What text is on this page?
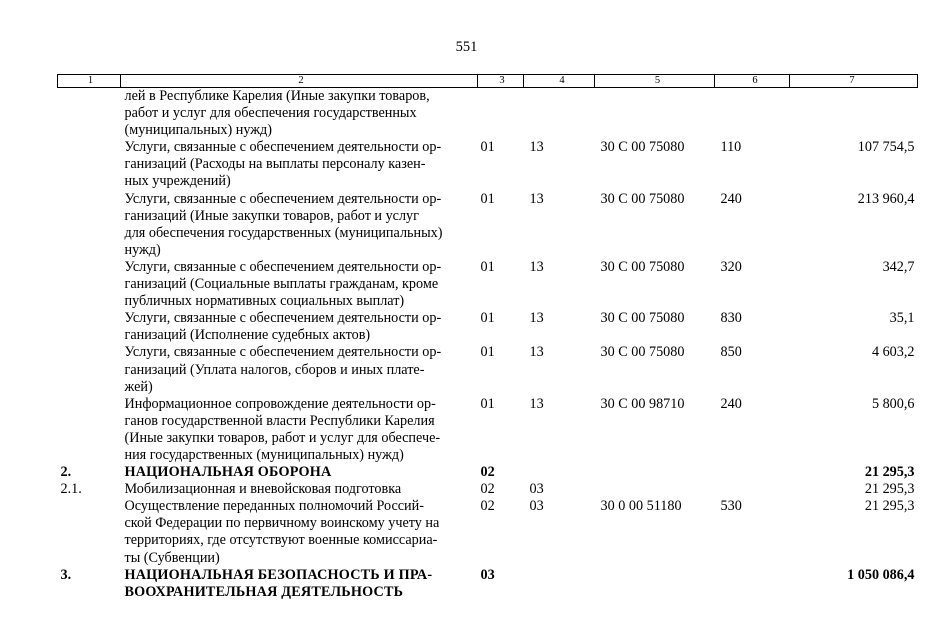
551
1	2	3	4	5	6	7

	лей в Республике Карелия (Иные закупки товаров,
работ и услуг для обеспечения государственных
(муниципальных) нужд)					

	Услуги, связанные с обеспечением деятельности ор-
ганизаций (Расходы на выплаты персоналу казен-
ных учреждений)	01	13	30 С 00 75080	110	107 754,5

	Услуги, связанные с обеспечением деятельности ор-
ганизаций (Иные закупки товаров, работ и услуг
для обеспечения государственных (муниципальных)
нужд)	01	13	30 С 00 75080	240	213 960,4

	Услуги, связанные с обеспечением деятельности ор-
ганизаций (Социальные выплаты гражданам, кроме
публичных нормативных социальных выплат)	01	13	30 С 00 75080	320	342,7

	Услуги, связанные с обеспечением деятельности ор-
ганизаций (Исполнение судебных актов)	01	13	30 С 00 75080	830	35,1

	Услуги, связанные с обеспечением деятельности ор-
ганизаций (Уплата налогов, сборов и иных плате-
жей)	01	13	30 С 00 75080	850	4 603,2

	Информационное сопровождение деятельности ор-
ганов государственной власти Республики Карелия
(Иные закупки товаров, работ и услуг для обеспече-
ния государственных (муниципальных) нужд)	01	13	30 С 00 98710	240	5 800,6
2.	НАЦИОНАЛЬНАЯ ОБОРОНА	02				21 295,3
2.1.	Мобилизационная и вневойсковая подготовка	02	03			21 295,3

	Осуществление переданных полномочий Россий-
ской Федерации по первичному воинскому учету на
территориях, где отсутствуют военные комиссариа-
ты (Субвенции)	02	03	30 0 00 51180	530	21 295,3
3.	НАЦИОНАЛЬНАЯ БЕЗОПАСНОСТЬ И ПРА-
ВООХРАНИТЕЛЬНАЯ ДЕЯТЕЛЬНОСТЬ	03				1 050 086,4
